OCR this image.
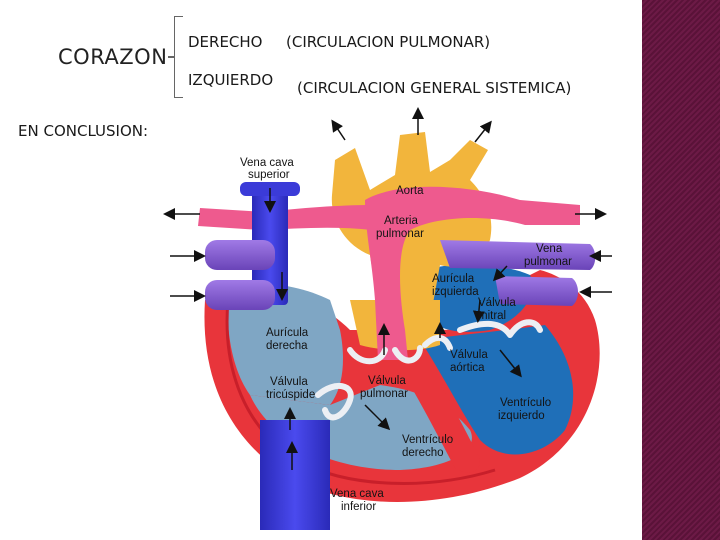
CORAZON
DERECHO (CIRCULACION PULMONAR)
IZQUIERDO (CIRCULACION GENERAL SISTEMICA)
EN CONCLUSION:
Vena cava
superior
Aorta
Arteria
pulmonar
Vena
pulmonar
Aurícula
izquierda
Válvula
mitral
Aurícula
derecha
Válvula
aórtica
Válvula
tricúspide
Válvula
pulmonar
Ventrículo
izquierdo
Ventrículo
derecho
Vena cava
inferior
